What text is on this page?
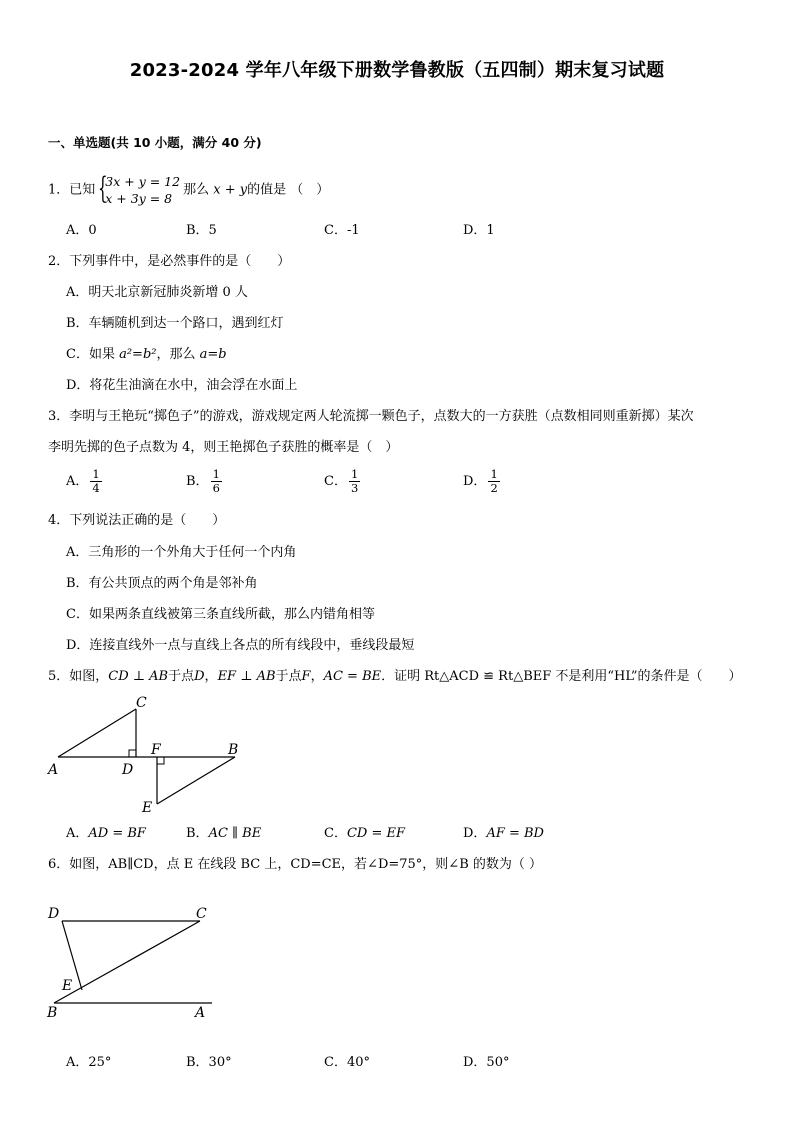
2023-2024 学年八年级下册数学鲁教版（五四制）期末复习试题
一、单选题(共 10 小题，满分 40 分)
1．已知 {
3x + y = 12
x + 3y = 8
那么 x + y的值是 （　）
A．0	B．5	C．-1	D．1
2．下列事件中，是必然事件的是（　　）
A．明天北京新冠肺炎新增 0 人
B．车辆随机到达一个路口，遇到红灯
C．如果 a²=b²，那么 a=b
D．将花生油滴在水中，油会浮在水面上
3．李明与王艳玩“掷色子”的游戏，游戏规定两人轮流掷一颗色子，点数大的一方获胜（点数相同则重新掷）某次
李明先掷的色子点数为 4，则王艳掷色子获胜的概率是（　）
A． $\frac{1}{4}$	B． $\frac{1}{6}$	C． $\frac{1}{3}$	D． $\frac{1}{2}$
4．下列说法正确的是（　　）
A．三角形的一个外角大于任何一个内角
B．有公共顶点的两个角是邻补角
C．如果两条直线被第三条直线所截，那么内错角相等
D．连接直线外一点与直线上各点的所有线段中，垂线段最短
5．如图，CD ⊥ AB于点D，EF ⊥ AB于点F，AC = BE．证明 Rt△ACD ≌ Rt△BEF 不是利用“HL”的条件是（　　）
A
C
D
F	B
E
A．AD = BF	B．AC ∥ BE	C．CD = EF	D．AF = BD
6．如图，AB∥CD，点 E 在线段 BC 上，CD=CE，若∠D=75°，则∠B 的数为（ ）
D	C
E
B	A
A．25°	B．30°	C．40°	D．50°
